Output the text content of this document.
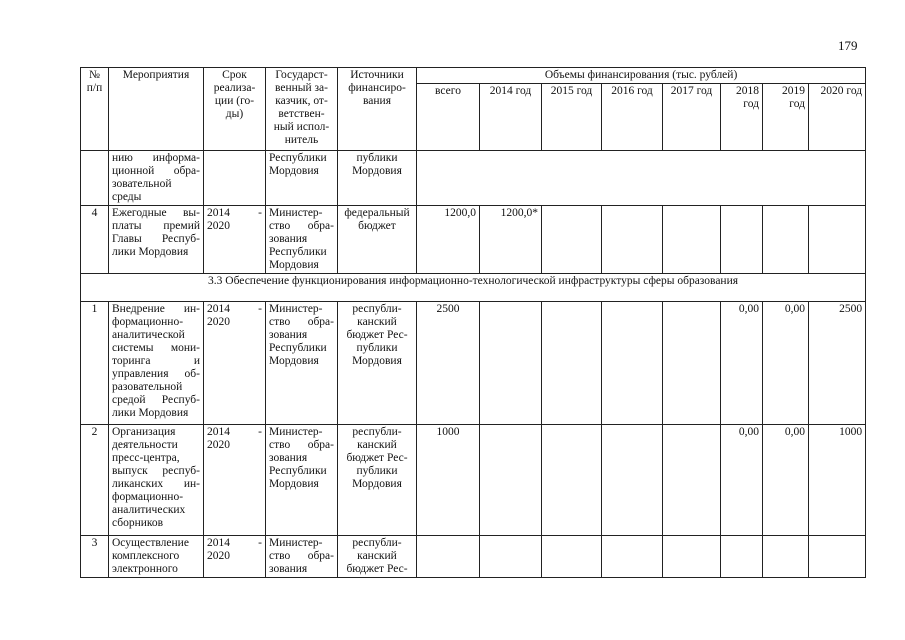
179
№ п/п	Мероприятия	Срок реализа-ции (го-ды)	Государст-венный за-казчик, от-ветствен-ный испол-нитель	Источники финансиро-вания	Объемы финансирования (тыс. рублей)							
					всего	2014 год	2015 год	2016 год	2017 год	2018 год	2019 год	2020 год
	нию информа-ционной обра-зовательной среды		Республики Мордовия	публики Мордовия								
4	Ежегодные вы-платы премий Главы Респуб-лики Мордовия	2014 - 2020	Министер-ство обра-зования Республики Мордовия	федеральный бюджет	1200,0	1200,0*						
3.3 Обеспечение функционирования информационно-технологической инфраструктуры сферы образования												
1	Внедрение ин-формационно-аналитической системы мони-торинга и управления об-разовательной средой Респуб-лики Мордовия	2014 - 2020	Министер-ство обра-зования Республики Мордовия	республи-канский бюджет Рес-публики Мордовия	2500					0,00	0,00	2500
2	Организация деятельности пресс-центра, выпуск респуб-ликанских ин-формационно-аналитических сборников	2014 - 2020	Министер-ство обра-зования Республики Мордовия	республи-канский бюджет Рес-публики Мордовия	1000					0,00	0,00	1000
3	Осуществление комплексного электронного	2014 - 2020	Министер-ство обра-зования	республи-канский бюджет Рес-								
